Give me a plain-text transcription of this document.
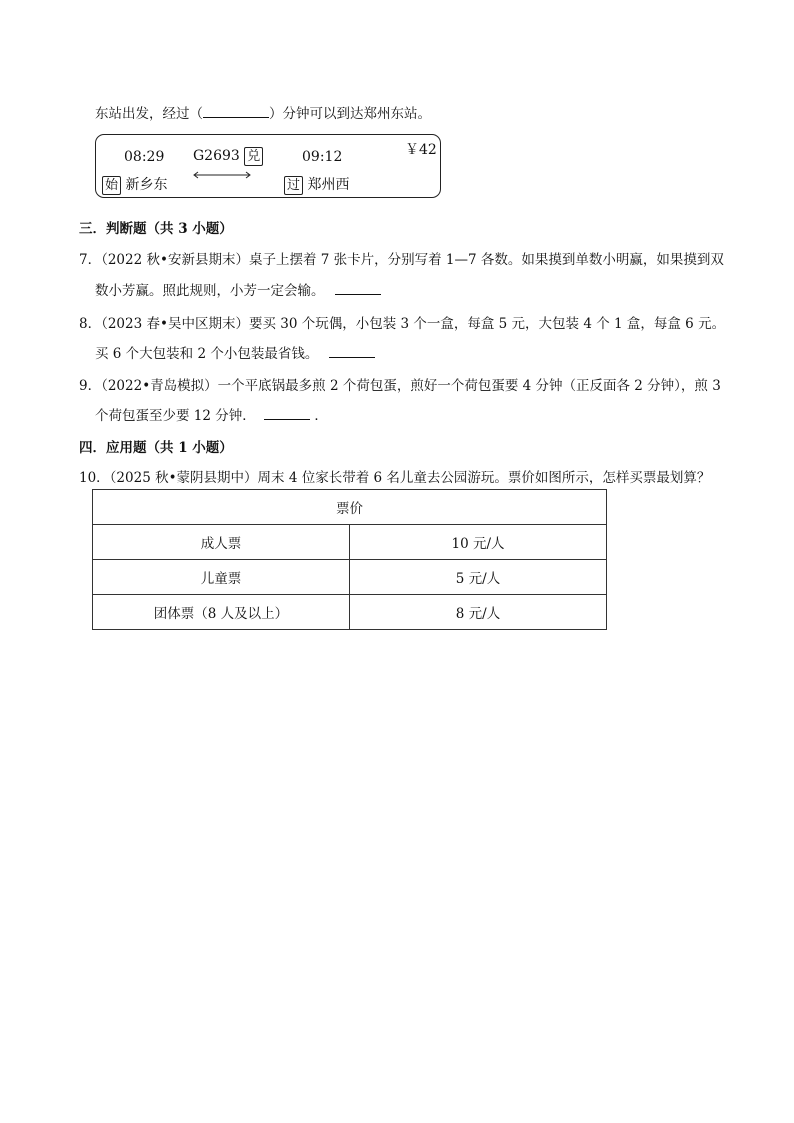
东站出发，经过（	）分钟可以到达郑州东站。
08:29 G2693 兑	09:12	￥42
始 新乡东	过 郑州西
三．判断题（共 3 小题）
7．（2022 秋•安新县期末）桌子上摆着 7 张卡片，分别写着 1—7 各数。如果摸到单数小明赢，如果摸到双
数小芳赢。照此规则，小芳一定会输。
8．（2023 春•吴中区期末）要买 30 个玩偶，小包装 3 个一盒，每盒 5 元，大包装 4 个 1 盒，每盒 6 元。
买 6 个大包装和 2 个小包装最省钱。
9．（2022•青岛模拟）一个平底锅最多煎 2 个荷包蛋，煎好一个荷包蛋要 4 分钟（正反面各 2 分钟），煎 3
个荷包蛋至少要 12 分钟．	．
四．应用题（共 1 小题）
10．（2025 秋•蒙阴县期中）周末 4 位家长带着 6 名儿童去公园游玩。票价如图所示，怎样买票最划算？
票价	
成人票	10 元/人
儿童票	5 元/人
团体票（8 人及以上）	8 元/人
